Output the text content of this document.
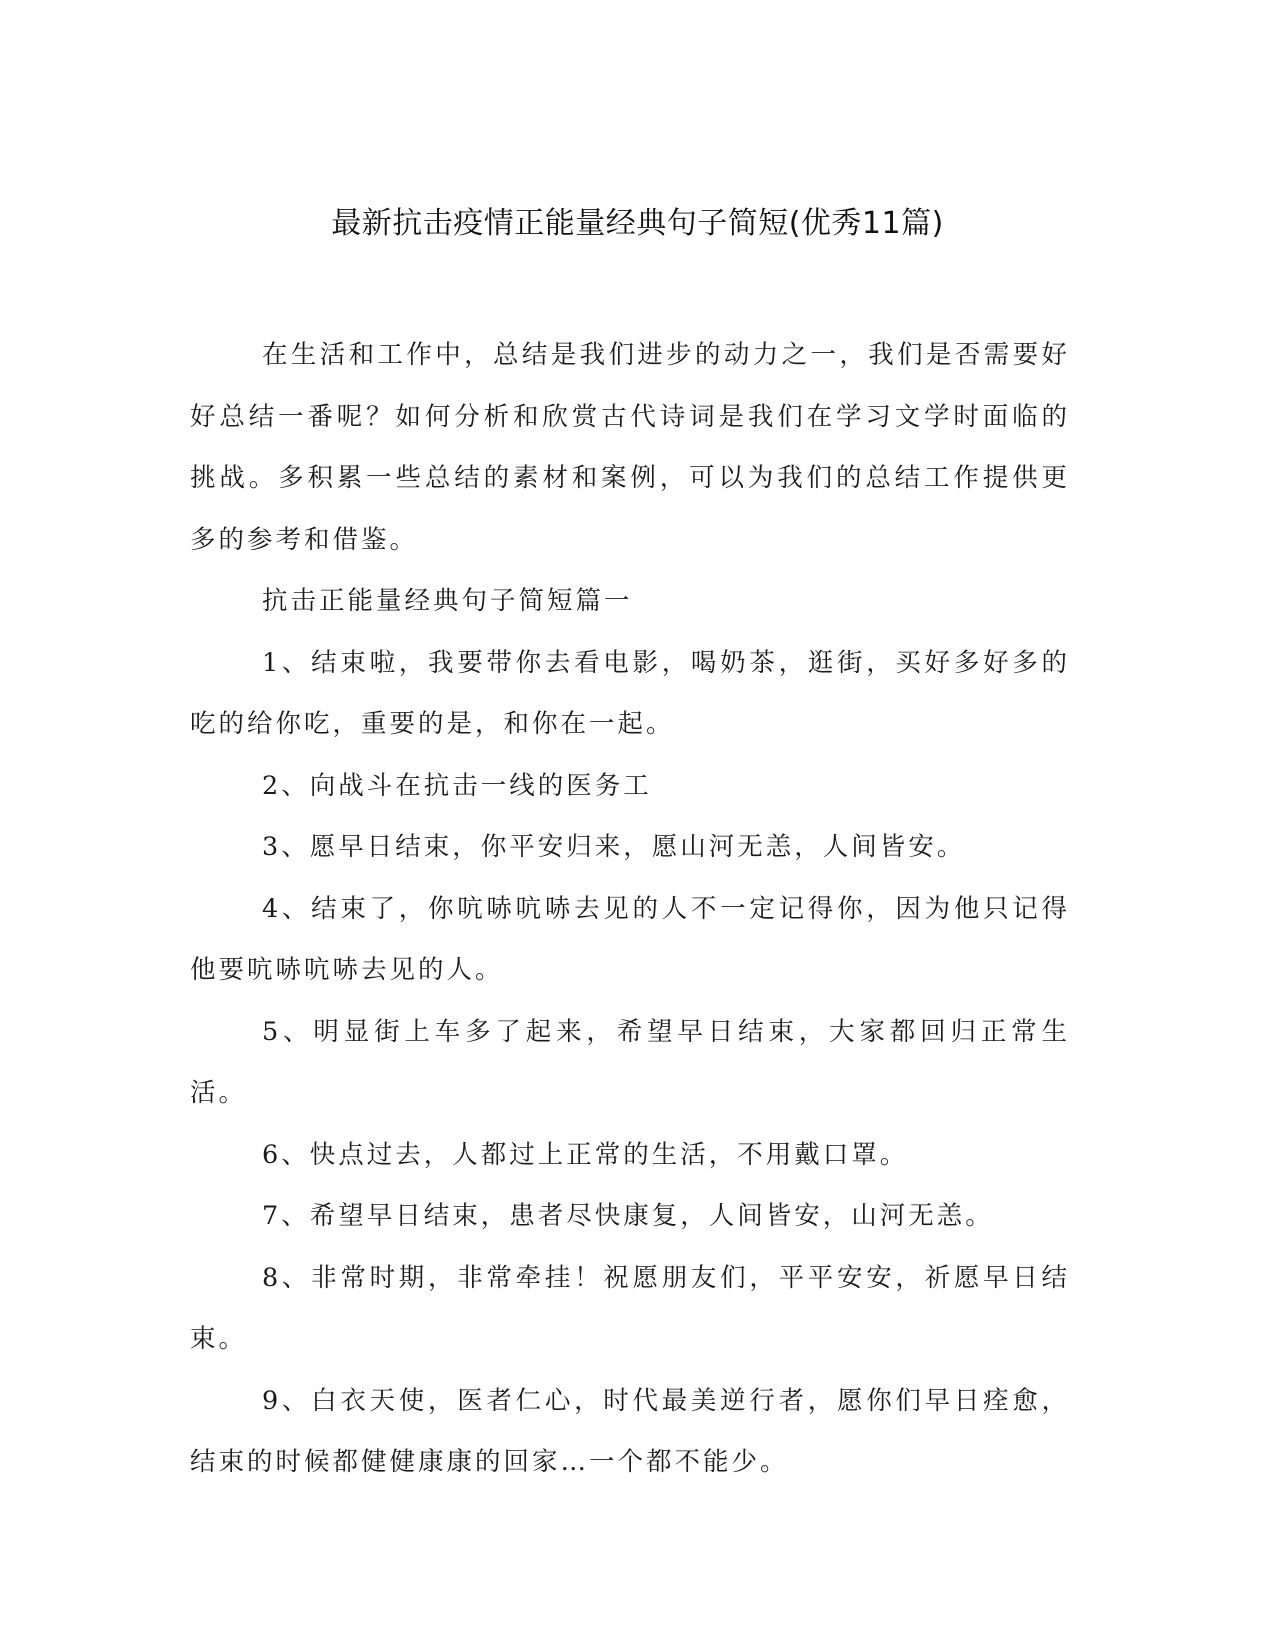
最新抗击疫情正能量经典句子简短(优秀11篇)

在生活和工作中，总结是我们进步的动力之一，我们是否需要好好总结一番呢？如何分析和欣赏古代诗词是我们在学习文学时面临的挑战。多积累一些总结的素材和案例，可以为我们的总结工作提供更多的参考和借鉴。

抗击正能量经典句子简短篇一

1、结束啦，我要带你去看电影，喝奶茶，逛街，买好多好多的吃的给你吃，重要的是，和你在一起。

2、向战斗在抗击一线的医务工

3、愿早日结束，你平安归来，愿山河无恙，人间皆安。

4、结束了，你吭哧吭哧去见的人不一定记得你，因为他只记得他要吭哧吭哧去见的人。

5、明显街上车多了起来，希望早日结束，大家都回归正常生活。

6、快点过去，人都过上正常的生活，不用戴口罩。

7、希望早日结束，患者尽快康复，人间皆安，山河无恙。

8、非常时期，非常牵挂！祝愿朋友们，平平安安，祈愿早日结束。

9、白衣天使，医者仁心，时代最美逆行者，愿你们早日痊愈，结束的时候都健健康康的回家…一个都不能少。
